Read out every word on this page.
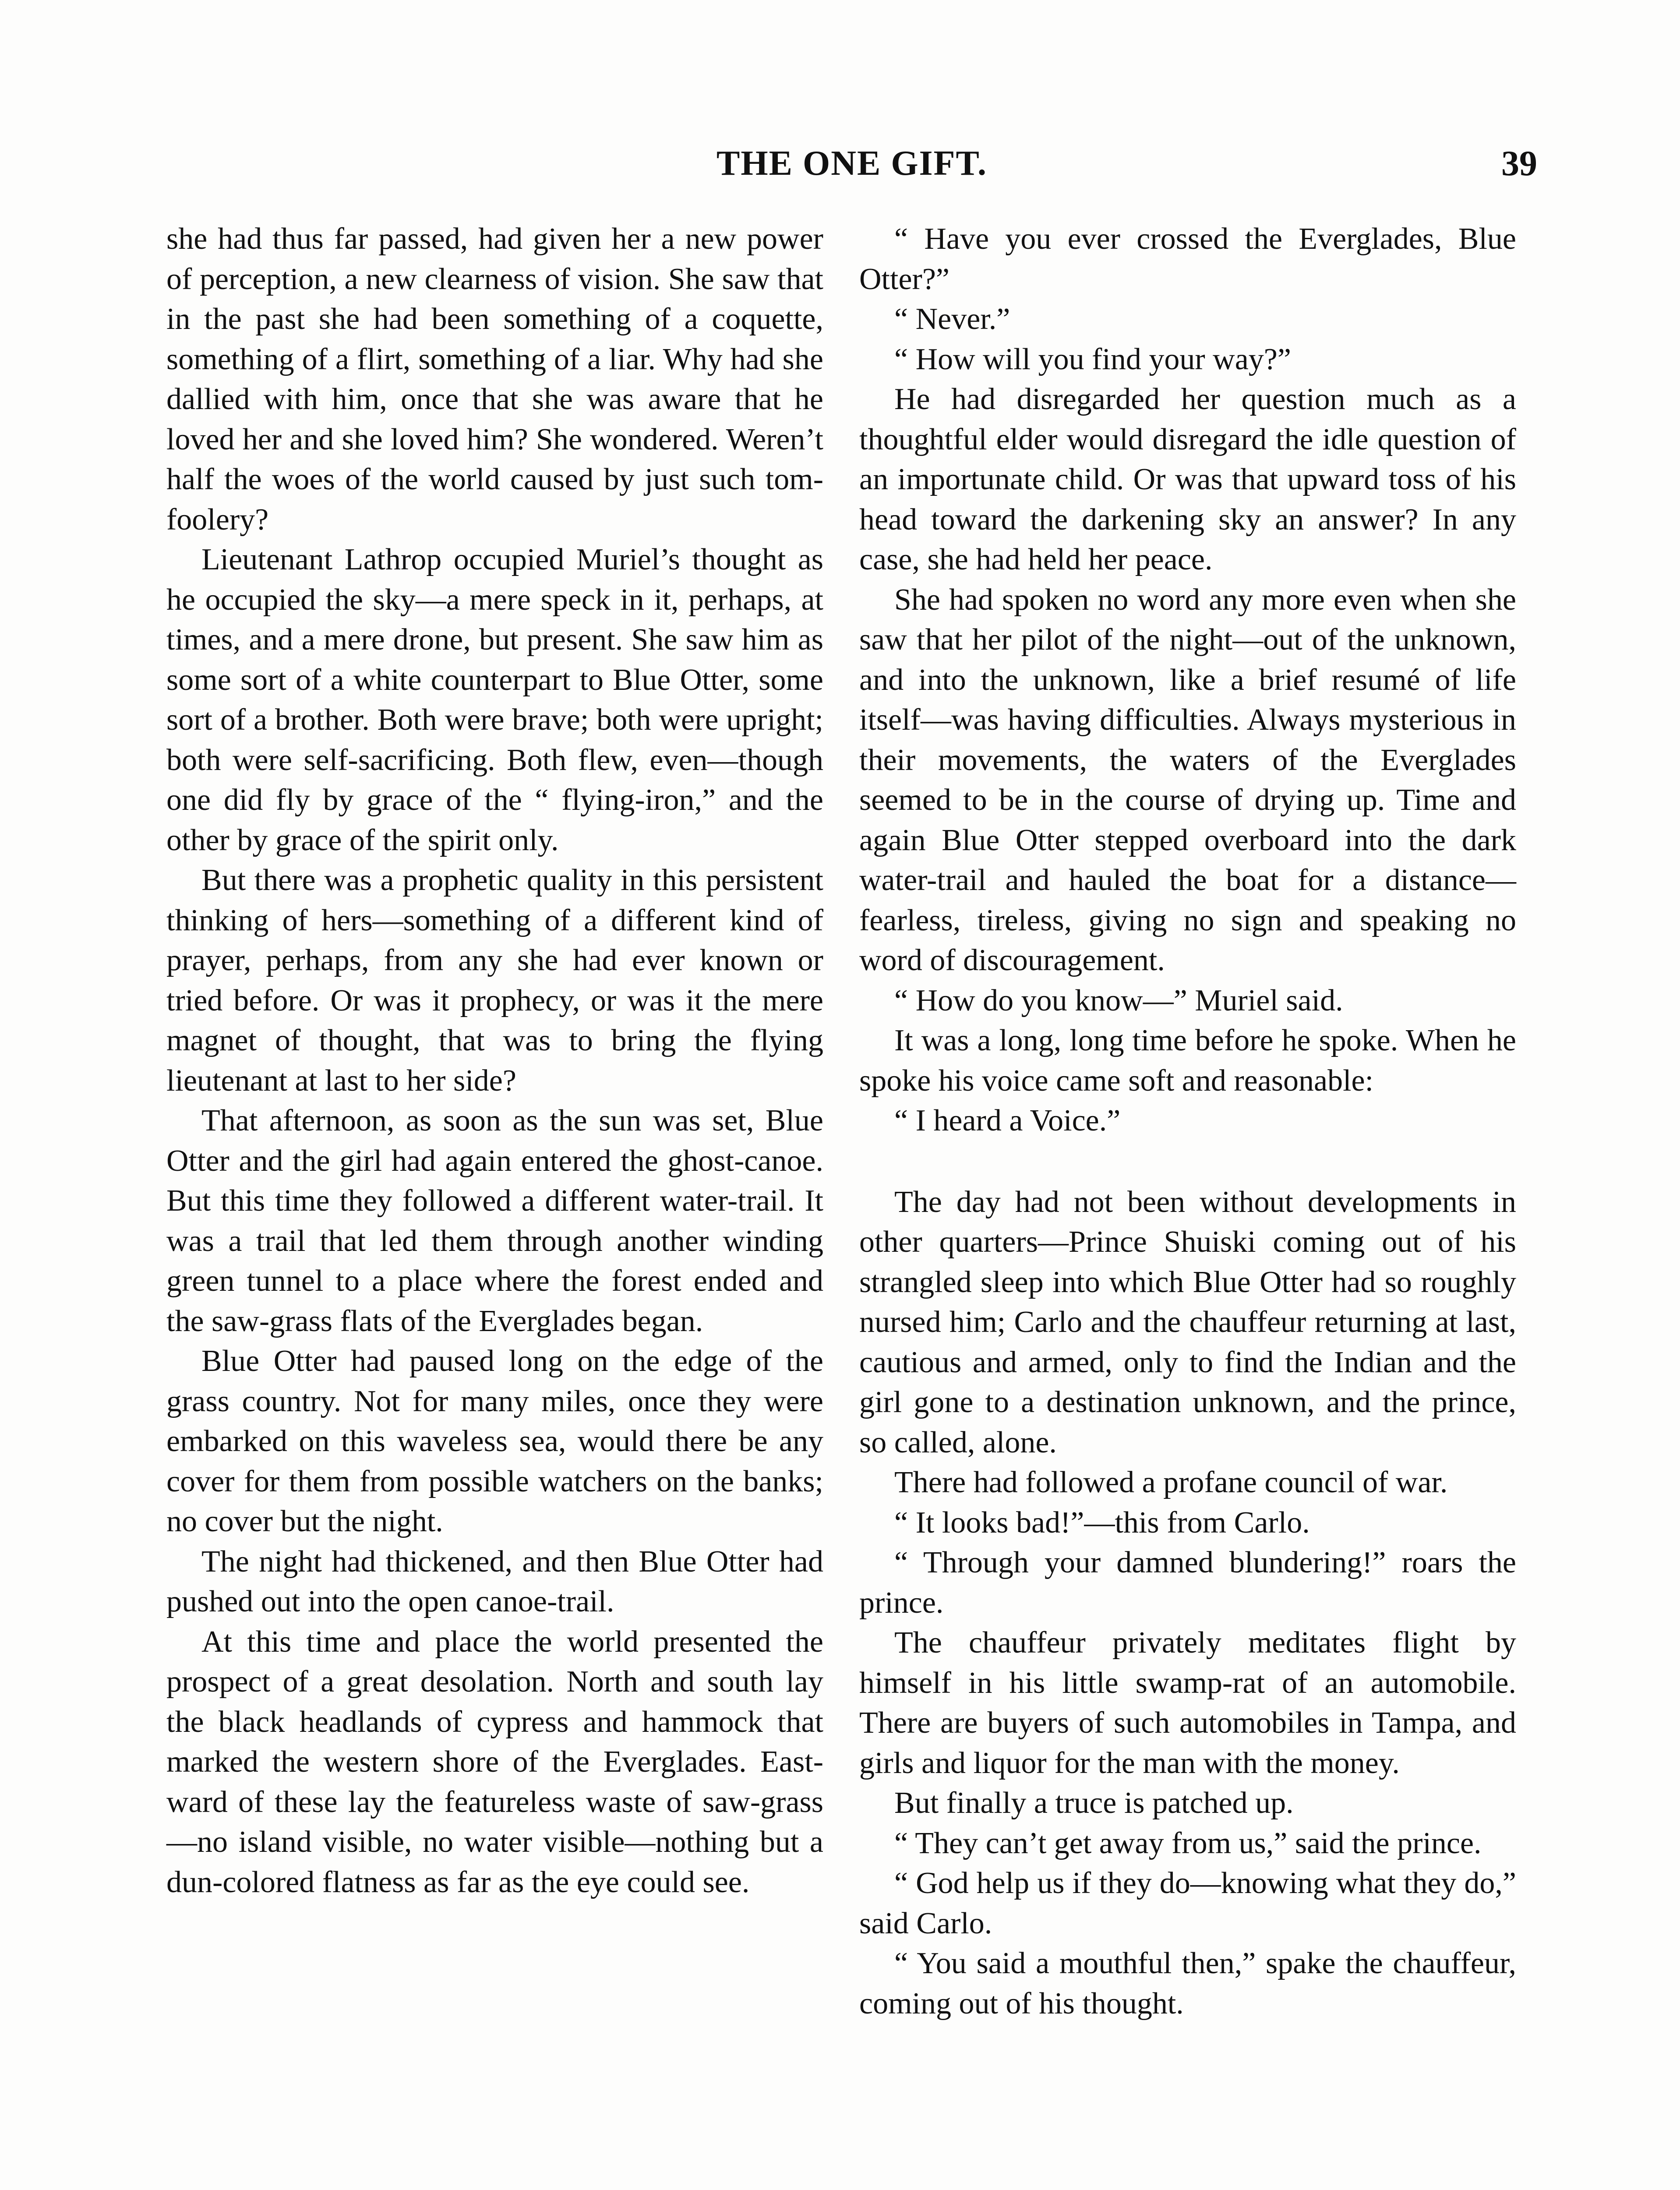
THE ONE GIFT.	39

she had thus far passed, had given her a new power of perception, a new clearness of vision. She saw that in the past she had been something of a coquette, something of a flirt, something of a liar. Why had she dallied with him, once that she was aware that he loved her and she loved him? She wondered. Weren’t half the woes of the world caused by just such tomfoolery?

Lieutenant Lathrop occupied Muriel’s thought as he occupied the sky—a mere speck in it, perhaps, at times, and a mere drone, but present. She saw him as some sort of a white counterpart to Blue Otter, some sort of a brother. Both were brave; both were upright; both were self-sacrificing. Both flew, even—though one did fly by grace of the “ flying-iron,” and the other by grace of the spirit only.

But there was a prophetic quality in this persistent thinking of hers—something of a different kind of prayer, perhaps, from any she had ever known or tried before. Or was it prophecy, or was it the mere magnet of thought, that was to bring the flying lieutenant at last to her side?

That afternoon, as soon as the sun was set, Blue Otter and the girl had again entered the ghost-canoe. But this time they followed a different water-trail. It was a trail that led them through another winding green tunnel to a place where the forest ended and the saw-grass flats of the Everglades began.

Blue Otter had paused long on the edge of the grass country. Not for many miles, once they were embarked on this waveless sea, would there be any cover for them from possible watchers on the banks; no cover but the night.

The night had thickened, and then Blue Otter had pushed out into the open canoe-trail.

At this time and place the world presented the prospect of a great desolation. North and south lay the black headlands of cypress and hammock that marked the western shore of the Everglades. Eastward of these lay the featureless waste of saw-grass—no island visible, no water visible—nothing but a dun-colored flatness as far as the eye could see.

“ Have you ever crossed the Everglades, Blue Otter?”

“ Never.”

“ How will you find your way?”

He had disregarded her question much as a thoughtful elder would disregard the idle question of an importunate child. Or was that upward toss of his head toward the darkening sky an answer? In any case, she had held her peace.

She had spoken no word any more even when she saw that her pilot of the night—out of the unknown, and into the unknown, like a brief resumé of life itself—was having difficulties. Always mysterious in their movements, the waters of the Everglades seemed to be in the course of drying up. Time and again Blue Otter stepped overboard into the dark water-trail and hauled the boat for a distance—fearless, tireless, giving no sign and speaking no word of discouragement.

“ How do you know—” Muriel said.

It was a long, long time before he spoke. When he spoke his voice came soft and reasonable:

“ I heard a Voice.”

The day had not been without developments in other quarters—Prince Shuiski coming out of his strangled sleep into which Blue Otter had so roughly nursed him; Carlo and the chauffeur returning at last, cautious and armed, only to find the Indian and the girl gone to a destination unknown, and the prince, so called, alone.

There had followed a profane council of war.

“ It looks bad!”—this from Carlo.

“ Through your damned blundering!” roars the prince.

The chauffeur privately meditates flight by himself in his little swamp-rat of an automobile. There are buyers of such automobiles in Tampa, and girls and liquor for the man with the money.

But finally a truce is patched up.

“ They can’t get away from us,” said the prince.

“ God help us if they do—knowing what they do,” said Carlo.

“ You said a mouthful then,” spake the chauffeur, coming out of his thought.
